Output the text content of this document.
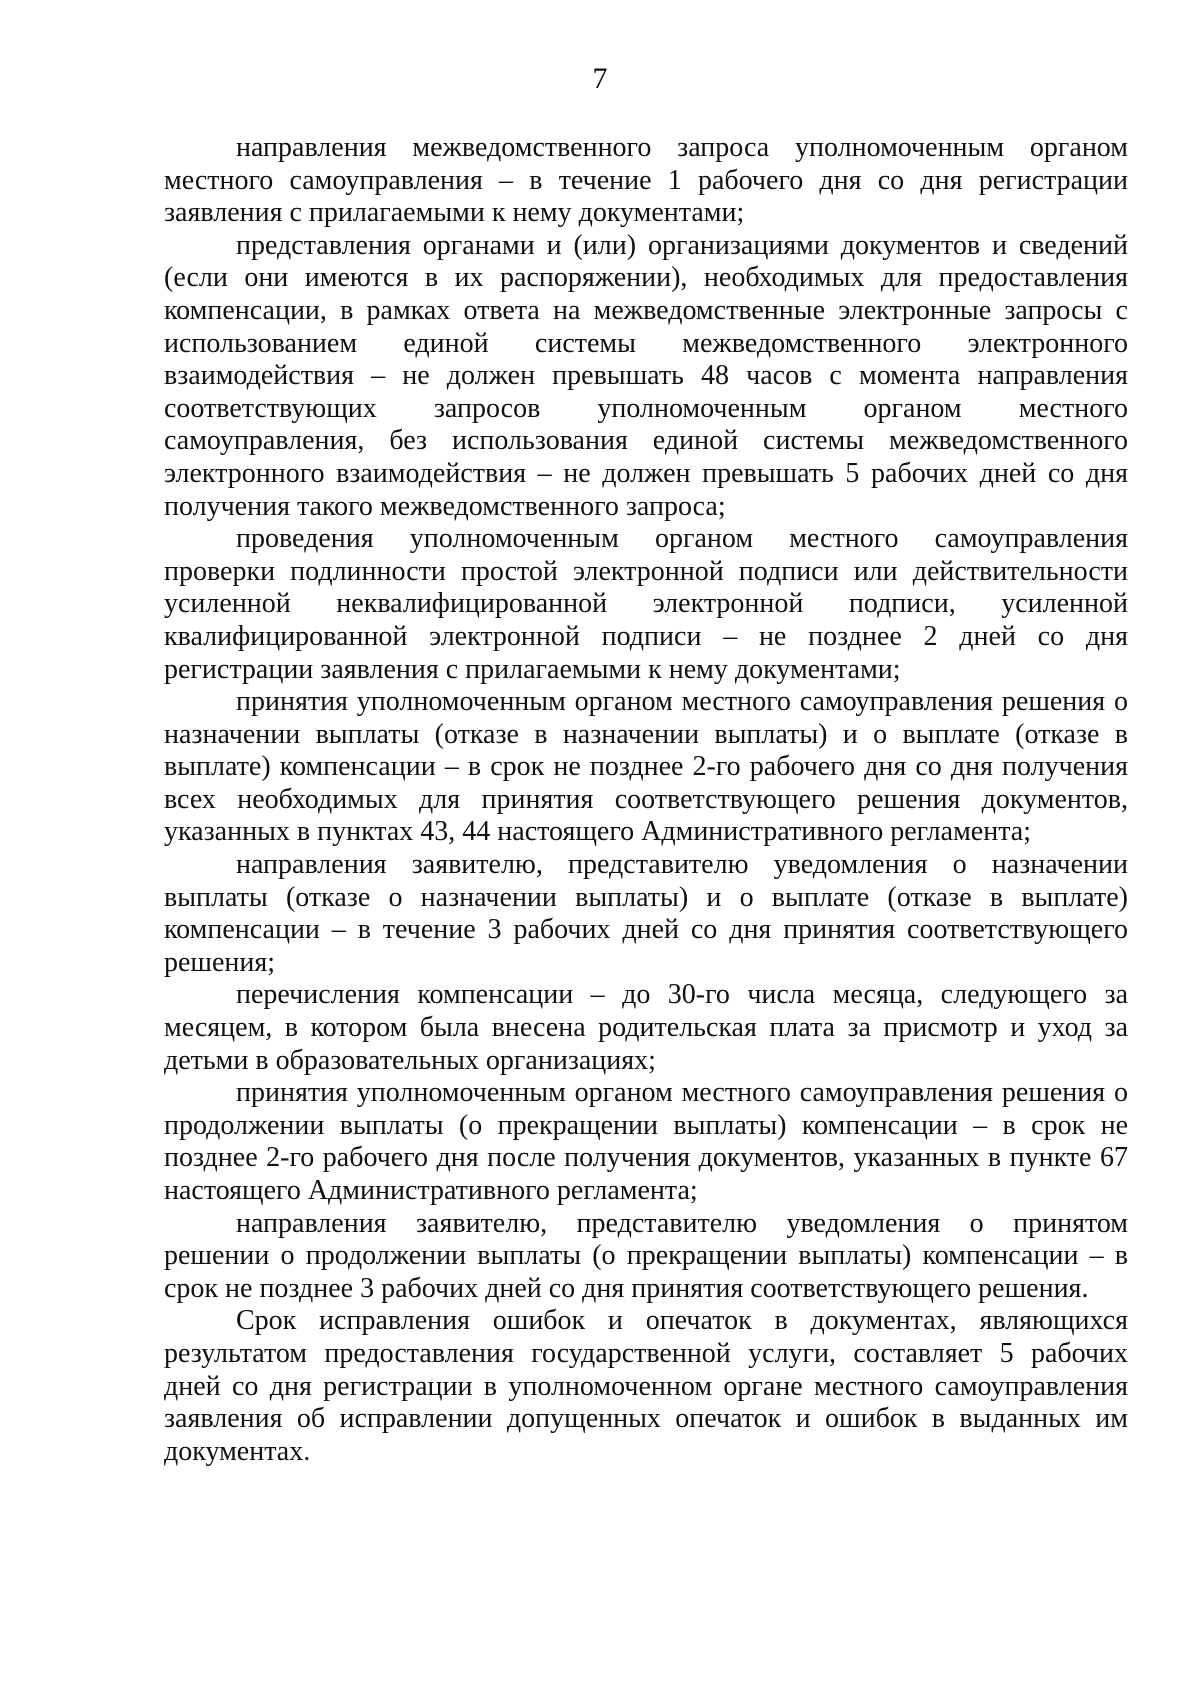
7

направления межведомственного запроса уполномоченным органом местного самоуправления – в течение 1 рабочего дня со дня регистрации заявления с прилагаемыми к нему документами;

представления органами и (или) организациями документов и сведений (если они имеются в их распоряжении), необходимых для предоставления компенсации, в рамках ответа на межведомственные электронные запросы с использованием единой системы межведомственного электронного взаимодействия – не должен превышать 48 часов с момента направления соответствующих запросов уполномоченным органом местного самоуправления, без использования единой системы межведомственного электронного взаимодействия – не должен превышать 5 рабочих дней со дня получения такого межведомственного запроса;

проведения уполномоченным органом местного самоуправления проверки подлинности простой электронной подписи или действительности усиленной неквалифицированной электронной подписи, усиленной квалифицированной электронной подписи – не позднее 2 дней со дня регистрации заявления с прилагаемыми к нему документами;

принятия уполномоченным органом местного самоуправления решения о назначении выплаты (отказе в назначении выплаты) и о выплате (отказе в выплате) компенсации – в срок не позднее 2-го рабочего дня со дня получения всех необходимых для принятия соответствующего решения документов, указанных в пунктах 43, 44 настоящего Административного регламента;

направления заявителю, представителю уведомления о назначении выплаты (отказе о назначении выплаты) и о выплате (отказе в выплате) компенсации – в течение 3 рабочих дней со дня принятия соответствующего решения;

перечисления компенсации – до 30-го числа месяца, следующего за месяцем, в котором была внесена родительская плата за присмотр и уход за детьми в образовательных организациях;

принятия уполномоченным органом местного самоуправления решения о продолжении выплаты (о прекращении выплаты) компенсации – в срок не позднее 2-го рабочего дня после получения документов, указанных в пункте 67 настоящего Административного регламента;

направления заявителю, представителю уведомления о принятом решении о продолжении выплаты (о прекращении выплаты) компенсации – в срок не позднее 3 рабочих дней со дня принятия соответствующего решения.

Срок исправления ошибок и опечаток в документах, являющихся результатом предоставления государственной услуги, составляет 5 рабочих дней со дня регистрации в уполномоченном органе местного самоуправления заявления об исправлении допущенных опечаток и ошибок в выданных им документах.
